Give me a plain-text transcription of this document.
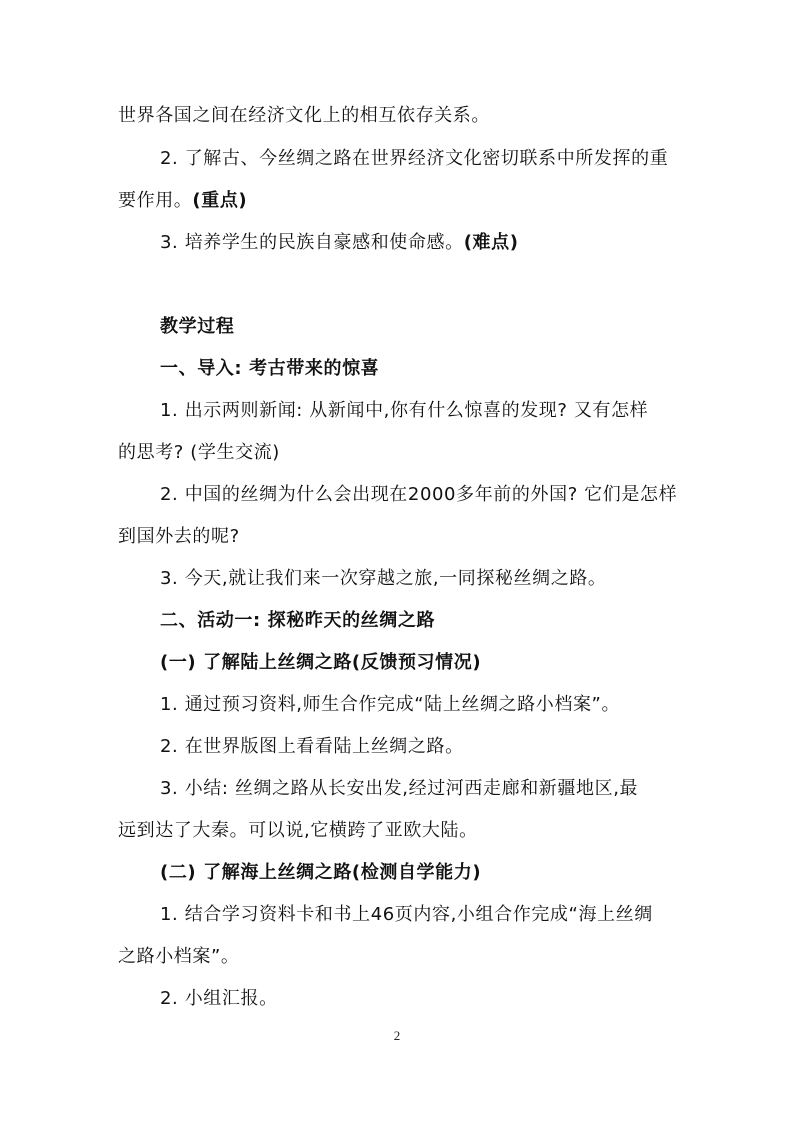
世界各国之间在经济文化上的相互依存关系。
2. 了解古、今丝绸之路在世界经济文化密切联系中所发挥的重
要作用。(重点)
3. 培养学生的民族自豪感和使命感。(难点)
教学过程
一、导入: 考古带来的惊喜
1. 出示两则新闻: 从新闻中,你有什么惊喜的发现? 又有怎样
的思考? (学生交流)
2. 中国的丝绸为什么会出现在2000多年前的外国? 它们是怎样
到国外去的呢?
3. 今天,就让我们来一次穿越之旅,一同探秘丝绸之路。
二、活动一: 探秘昨天的丝绸之路
(一) 了解陆上丝绸之路(反馈预习情况)
1. 通过预习资料,师生合作完成“陆上丝绸之路小档案”。
2. 在世界版图上看看陆上丝绸之路。
3. 小结: 丝绸之路从长安出发,经过河西走廊和新疆地区,最
远到达了大秦。可以说,它横跨了亚欧大陆。
(二) 了解海上丝绸之路(检测自学能力)
1. 结合学习资料卡和书上46页内容,小组合作完成“海上丝绸
之路小档案”。
2. 小组汇报。
2
